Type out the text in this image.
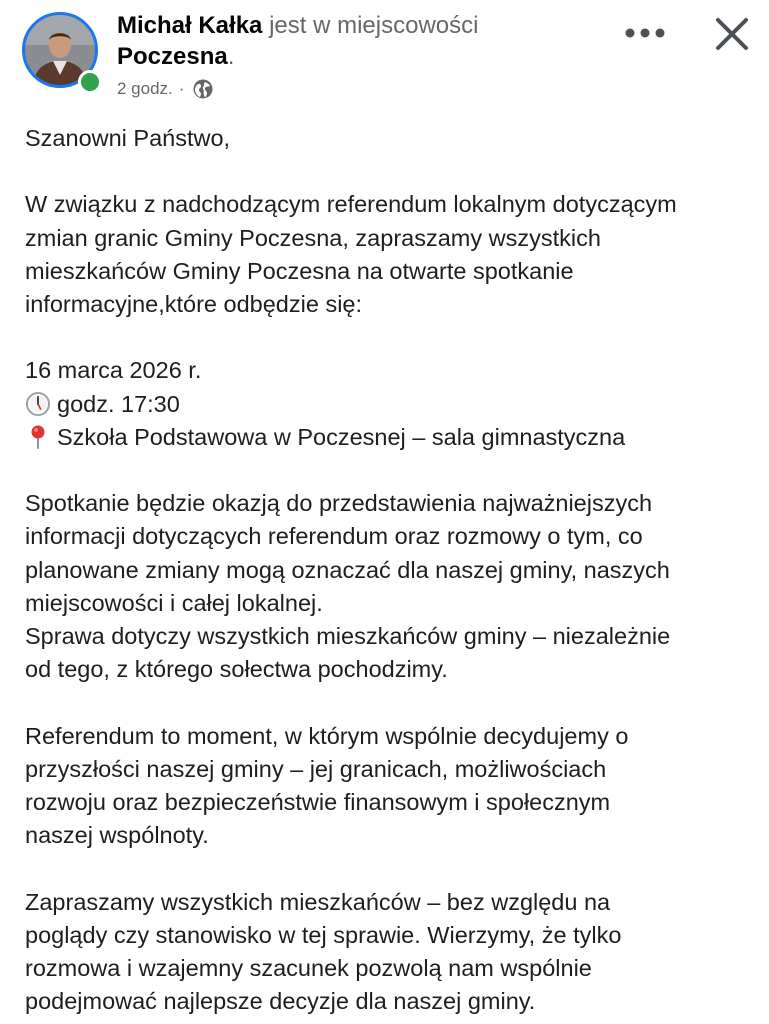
Michał Kałka jest w miejscowości
Poczesna.
2 godz. ·

Szanowni Państwo,

W związku z nadchodzącym referendum lokalnym dotyczącym

zmian granic Gminy Poczesna, zapraszamy wszystkich

mieszkańców Gminy Poczesna na otwarte spotkanie

informacyjne,które odbędzie się:

16 marca 2026 r.

godz. 17:30

Szkoła Podstawowa w Poczesnej – sala gimnastyczna

Spotkanie będzie okazją do przedstawienia najważniejszych

informacji dotyczących referendum oraz rozmowy o tym, co

planowane zmiany mogą oznaczać dla naszej gminy, naszych

miejscowości i całej lokalnej.

Sprawa dotyczy wszystkich mieszkańców gminy – niezależnie

od tego, z którego sołectwa pochodzimy.

Referendum to moment, w którym wspólnie decydujemy o

przyszłości naszej gminy – jej granicach, możliwościach

rozwoju oraz bezpieczeństwie finansowym i społecznym

naszej wspólnoty.

Zapraszamy wszystkich mieszkańców – bez względu na

poglądy czy stanowisko w tej sprawie. Wierzymy, że tylko

rozmowa i wzajemny szacunek pozwolą nam wspólnie

podejmować najlepsze decyzje dla naszej gminy.
